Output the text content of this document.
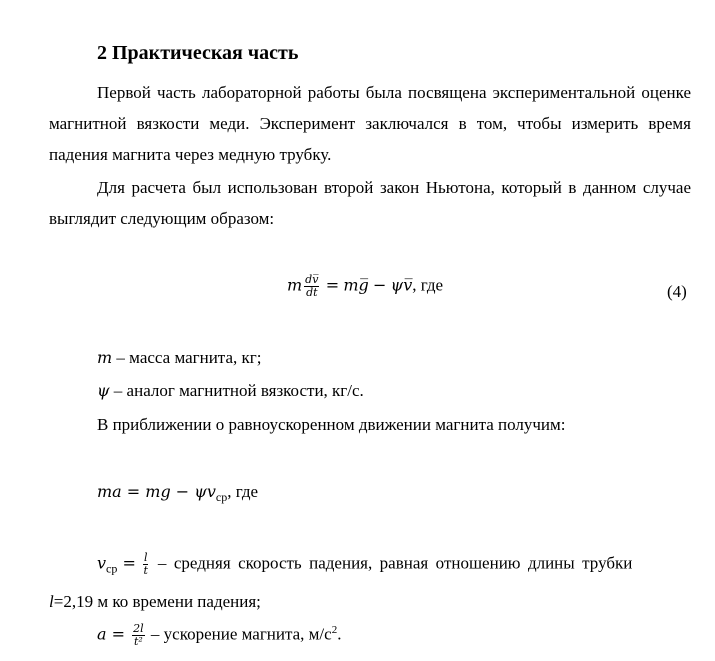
2 Практическая часть

Первой часть лабораторной работы была посвящена экспериментальной оценке магнитной вязкости меди. Эксперимент заключался в том, чтобы измерить время падения магнита через медную трубку.

Для расчета был использован второй закон Ньютона, который в данном случае выглядит следующим образом:

m $\frac{dv̅}{dt}$ = mg̅ − ψv̅, где	(4)
m – масса магнита, кг;
ψ – аналог магнитной вязкости, кг/с.
В приближении о равноускоренном движении магнита получим:
ma = mg − $\psi v_{ср}$, где
$v_{ср} = \frac{l}{t}$ – средняя скорость падения, равная отношению длины трубки
l=2,19 м ко времени падения;
$a = \frac{2l}{\text{t²}}$ – ускорение магнита, $м/с^2$.
